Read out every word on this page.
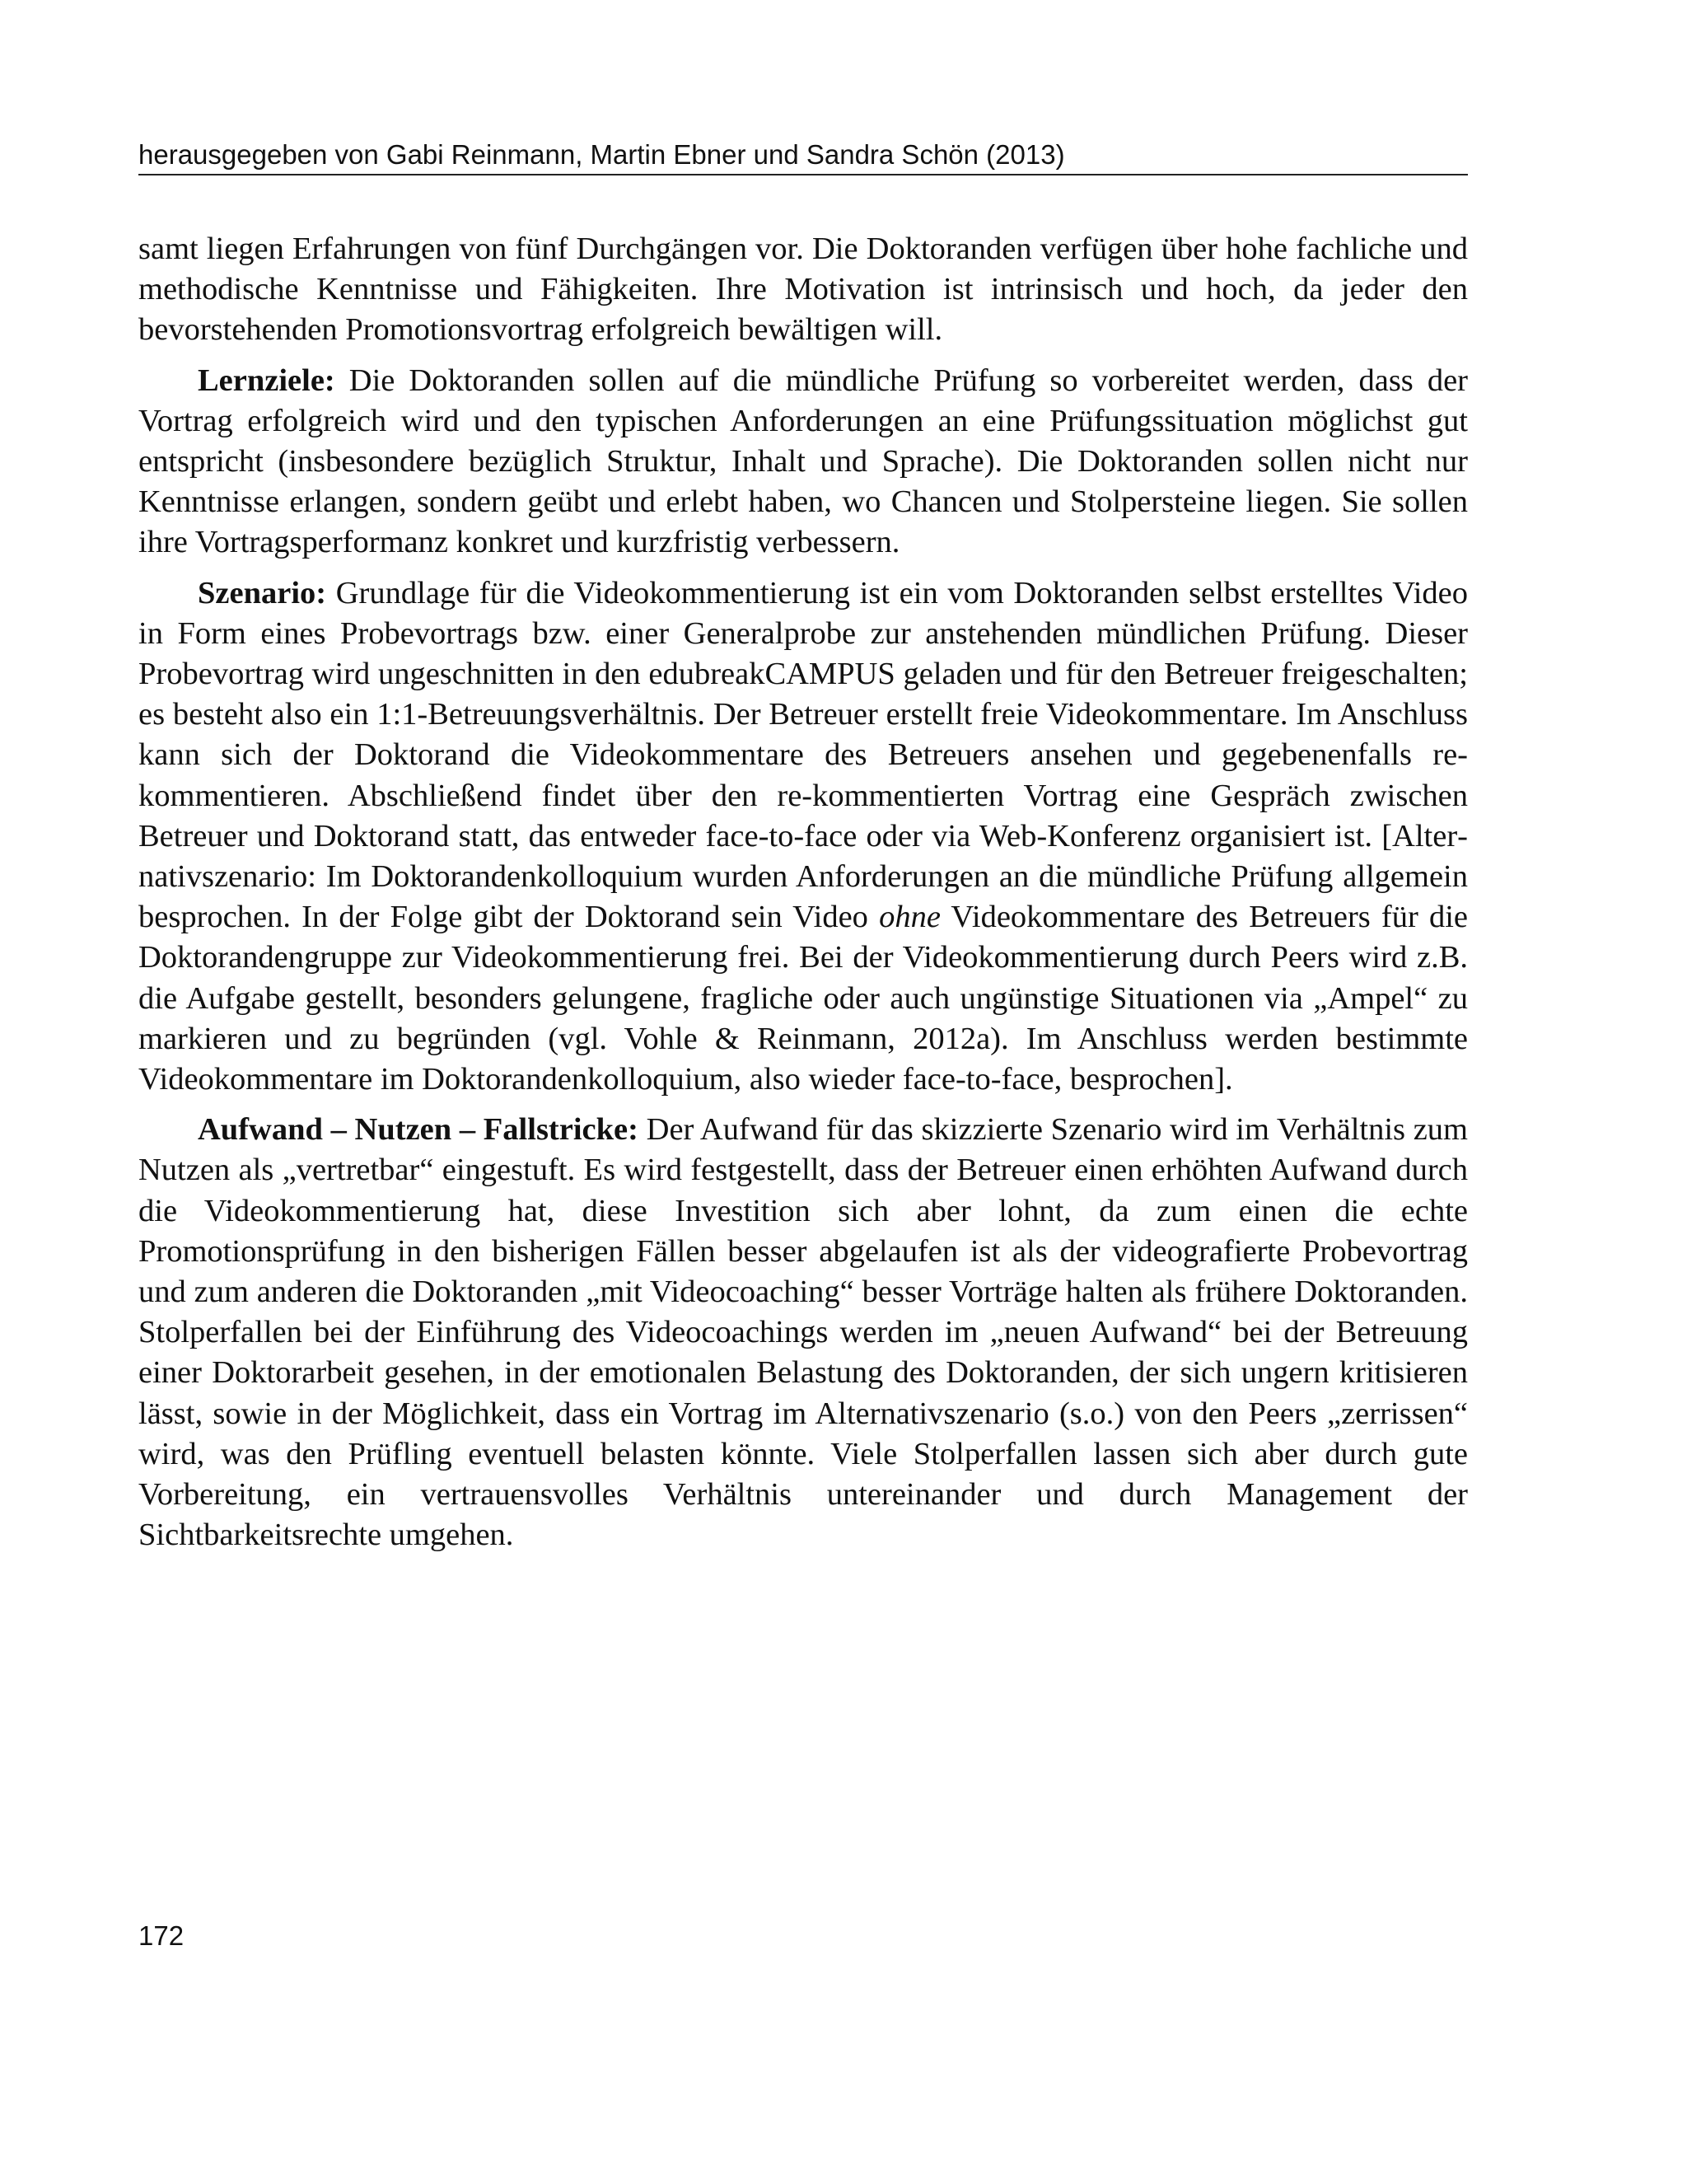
herausgegeben von Gabi Reinmann, Martin Ebner und Sandra Schön (2013)

samt liegen Erfahrungen von fünf Durchgängen vor. Die Doktoranden verfügen über hohe fachliche und methodische Kenntnisse und Fähigkeiten. Ihre Motivation ist intrinsisch und hoch, da jeder den bevorstehenden Promotionsvortrag erfolgreich bewältigen will.

Lernziele: Die Doktoranden sollen auf die mündliche Prüfung so vorbereitet werden, dass der Vortrag erfolgreich wird und den typischen Anforderungen an eine Prüfungssituation möglichst gut entspricht (insbesondere bezüglich Struktur, Inhalt und Sprache). Die Doktoranden sollen nicht nur Kenntnisse erlangen, sondern geübt und erlebt haben, wo Chancen und Stolpersteine liegen. Sie sollen ihre Vortragsperformanz konkret und kurzfristig verbessern.

Szenario: Grundlage für die Videokommentierung ist ein vom Doktoranden selbst erstelltes Video in Form eines Probevortrags bzw. einer Generalprobe zur anstehenden mündlichen Prüfung. Dieser Probevortrag wird ungeschnitten in den edubreakCAMPUS geladen und für den Betreuer freigeschalten; es besteht also ein 1:1-Betreuungsverhältnis. Der Betreuer erstellt freie Videokommentare. Im Anschluss kann sich der Doktorand die Videokommentare des Betreuers ansehen und gegebenenfalls re-kommentieren. Abschließend findet über den re-kommentierten Vortrag eine Gespräch zwischen Betreuer und Doktorand statt, das entweder face-to-face oder via Web-Konferenz organisiert ist. [Alternativszenario: Im Doktorandenkolloquium wurden Anforderungen an die mündliche Prüfung allgemein besprochen. In der Folge gibt der Doktorand sein Video ohne Videokommentare des Betreuers für die Doktorandengruppe zur Videokommentierung frei. Bei der Videokommentierung durch Peers wird z.B. die Aufgabe gestellt, besonders gelungene, fragliche oder auch ungünstige Situationen via „Ampel“ zu markieren und zu begründen (vgl. Vohle & Reinmann, 2012a). Im Anschluss werden bestimmte Videokommentare im Doktorandenkolloquium, also wieder face-to-face, besprochen].

Aufwand – Nutzen – Fallstricke: Der Aufwand für das skizzierte Szenario wird im Verhältnis zum Nutzen als „vertretbar“ eingestuft. Es wird festgestellt, dass der Betreuer einen erhöhten Aufwand durch die Videokommentierung hat, diese Investition sich aber lohnt, da zum einen die echte Promotionsprüfung in den bisherigen Fällen besser abgelaufen ist als der videografierte Probevortrag und zum anderen die Doktoranden „mit Videocoaching“ besser Vorträge halten als frühere Doktoranden. Stolperfallen bei der Einführung des Videocoachings werden im „neuen Aufwand“ bei der Betreuung einer Doktorarbeit gesehen, in der emotionalen Belastung des Doktoranden, der sich ungern kritisieren lässt, sowie in der Möglichkeit, dass ein Vortrag im Alternativszenario (s.o.) von den Peers „zerrissen“ wird, was den Prüfling eventuell belasten könnte. Viele Stolperfallen lassen sich aber durch gute Vorbereitung, ein vertrauensvolles Verhältnis untereinander und durch Management der Sichtbarkeitsrechte umgehen.

172
